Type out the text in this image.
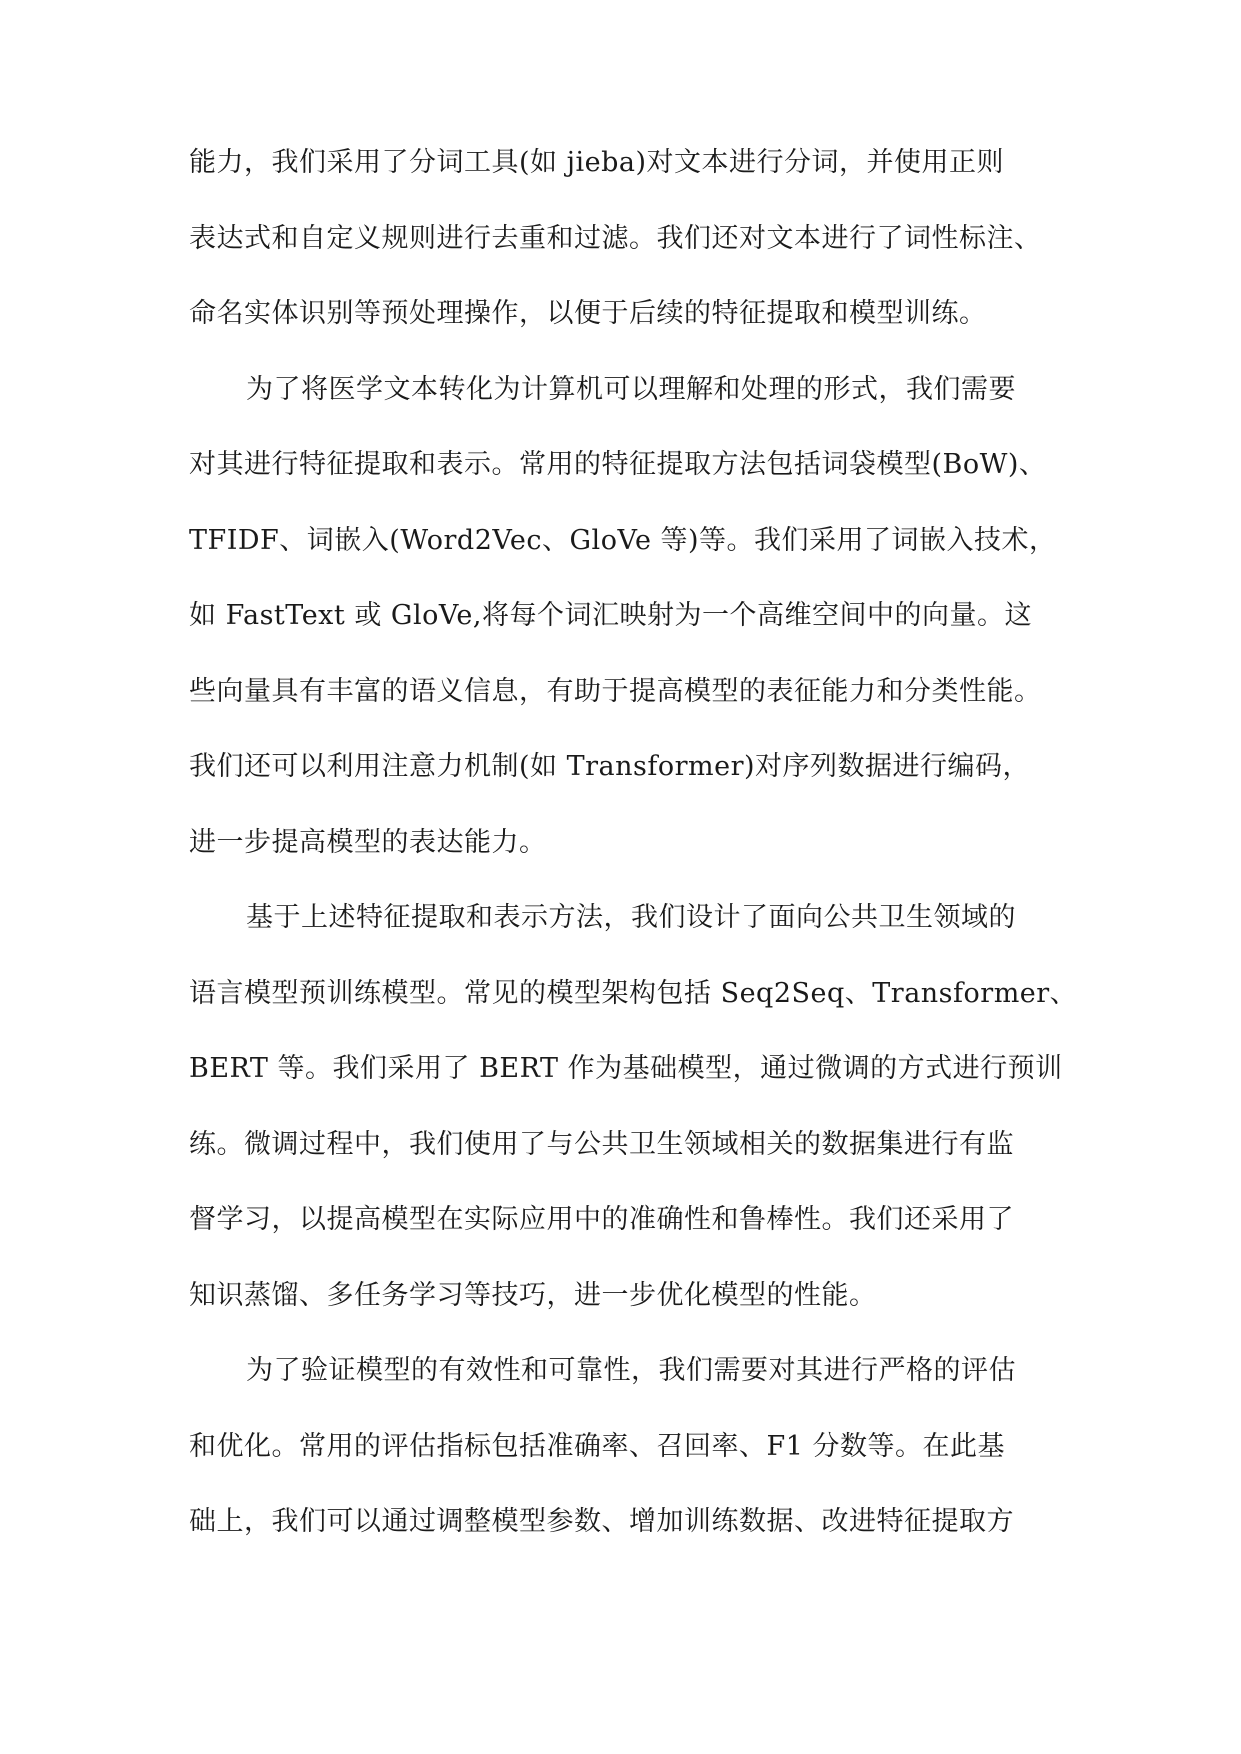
能力，我们采用了分词工具(如 jieba)对文本进行分词，并使用正则
表达式和自定义规则进行去重和过滤。我们还对文本进行了词性标注、
命名实体识别等预处理操作，以便于后续的特征提取和模型训练。
为了将医学文本转化为计算机可以理解和处理的形式，我们需要
对其进行特征提取和表示。常用的特征提取方法包括词袋模型(BoW)、
TFIDF、词嵌入(Word2Vec、GloVe 等)等。我们采用了词嵌入技术，
如 FastText 或 GloVe,将每个词汇映射为一个高维空间中的向量。这
些向量具有丰富的语义信息，有助于提高模型的表征能力和分类性能。
我们还可以利用注意力机制(如 Transformer)对序列数据进行编码，
进一步提高模型的表达能力。
基于上述特征提取和表示方法，我们设计了面向公共卫生领域的
语言模型预训练模型。常见的模型架构包括 Seq2Seq、Transformer、
BERT 等。我们采用了 BERT 作为基础模型，通过微调的方式进行预训
练。微调过程中，我们使用了与公共卫生领域相关的数据集进行有监
督学习，以提高模型在实际应用中的准确性和鲁棒性。我们还采用了
知识蒸馏、多任务学习等技巧，进一步优化模型的性能。
为了验证模型的有效性和可靠性，我们需要对其进行严格的评估
和优化。常用的评估指标包括准确率、召回率、F1 分数等。在此基
础上，我们可以通过调整模型参数、增加训练数据、改进特征提取方
